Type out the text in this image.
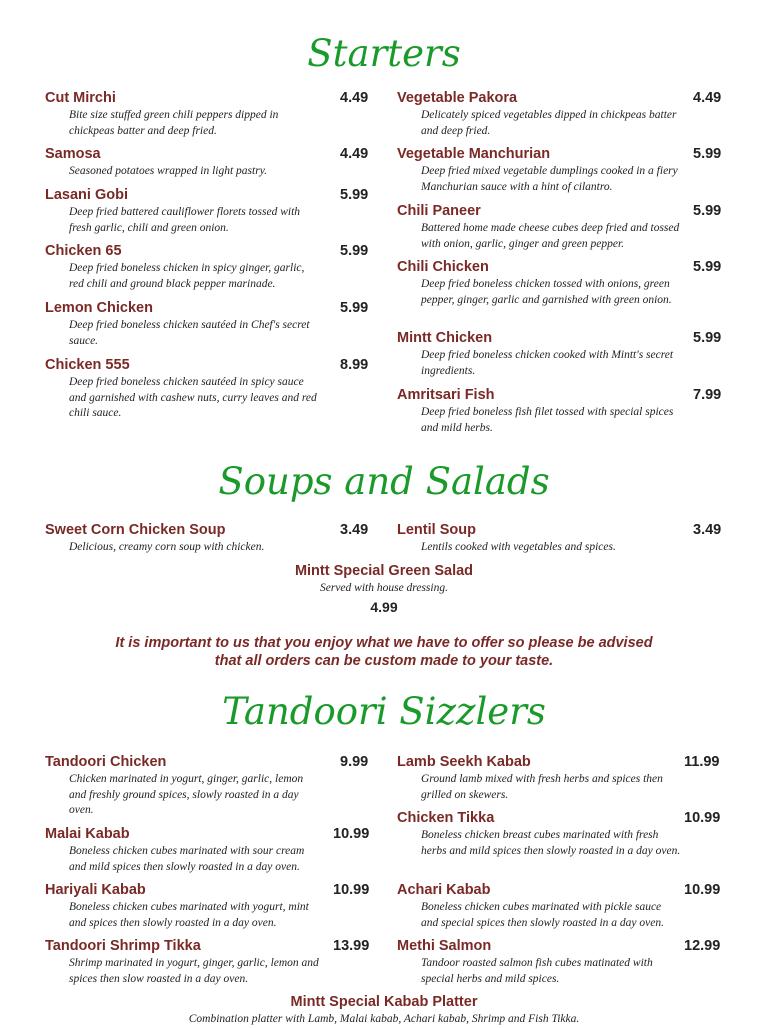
Starters
Cut Mirchi	4.49
Bite size stuffed green chili peppers dipped in chickpeas batter and deep fried.
Samosa	4.49
Seasoned potatoes wrapped in light pastry.
Lasani Gobi	5.99
Deep fried battered cauliflower florets tossed with fresh garlic, chili and green onion.
Chicken 65	5.99
Deep fried boneless chicken in spicy ginger, garlic, red chili and ground black pepper marinade.
Lemon Chicken	5.99
Deep fried boneless chicken sautéed in Chef's secret sauce.
Chicken 555	8.99
Deep fried boneless chicken sautéed in spicy sauce and garnished with cashew nuts, curry leaves and red chili sauce.
Vegetable Pakora	4.49
Delicately spiced vegetables dipped in chickpeas batter and deep fried.
Vegetable Manchurian	5.99
Deep fried mixed vegetable dumplings cooked in a fiery Manchurian sauce with a hint of cilantro.
Chili Paneer	5.99
Battered home made cheese cubes deep fried and tossed with onion, garlic, ginger and green pepper.
Chili Chicken	5.99
Deep fried boneless chicken tossed with onions, green pepper, ginger, garlic and garnished with green onion.
Mintt Chicken	5.99
Deep fried boneless chicken cooked with Mintt's secret ingredients.
Amritsari Fish	7.99
Deep fried boneless fish filet tossed with special spices and mild herbs.
Soups and Salads
Sweet Corn Chicken Soup	3.49
Delicious, creamy corn soup with chicken.
Lentil Soup	3.49
Lentils cooked with vegetables and spices.
Mintt Special Green Salad
Served with house dressing.
4.99
It is important to us that you enjoy what we have to offer so please be advised
that all orders can be custom made to your taste.
Tandoori Sizzlers
Tandoori Chicken	9.99
Chicken marinated in yogurt, ginger, garlic, lemon and freshly ground spices, slowly roasted in a day oven.
Malai Kabab	10.99
Boneless chicken cubes marinated with sour cream and mild spices then slowly roasted in a day oven.
Hariyali Kabab	10.99
Boneless chicken cubes marinated with yogurt, mint and spices then slowly roasted in a day oven.
Tandoori Shrimp Tikka	13.99
Shrimp marinated in yogurt, ginger, garlic, lemon and spices then slow roasted in a day oven.
Lamb Seekh Kabab	11.99
Ground lamb mixed with fresh herbs and spices then grilled on skewers.
Chicken Tikka	10.99
Boneless chicken breast cubes marinated with fresh herbs and mild spices then slowly roasted in a day oven.
Achari Kabab	10.99
Boneless chicken cubes marinated with pickle sauce and special spices then slowly roasted in a day oven.
Methi Salmon	12.99
Tandoor roasted salmon fish cubes matinated with special herbs and mild spices.
Mintt Special Kabab Platter
Combination platter with Lamb, Malai kabab, Achari kabab, Shrimp and Fish Tikka.
